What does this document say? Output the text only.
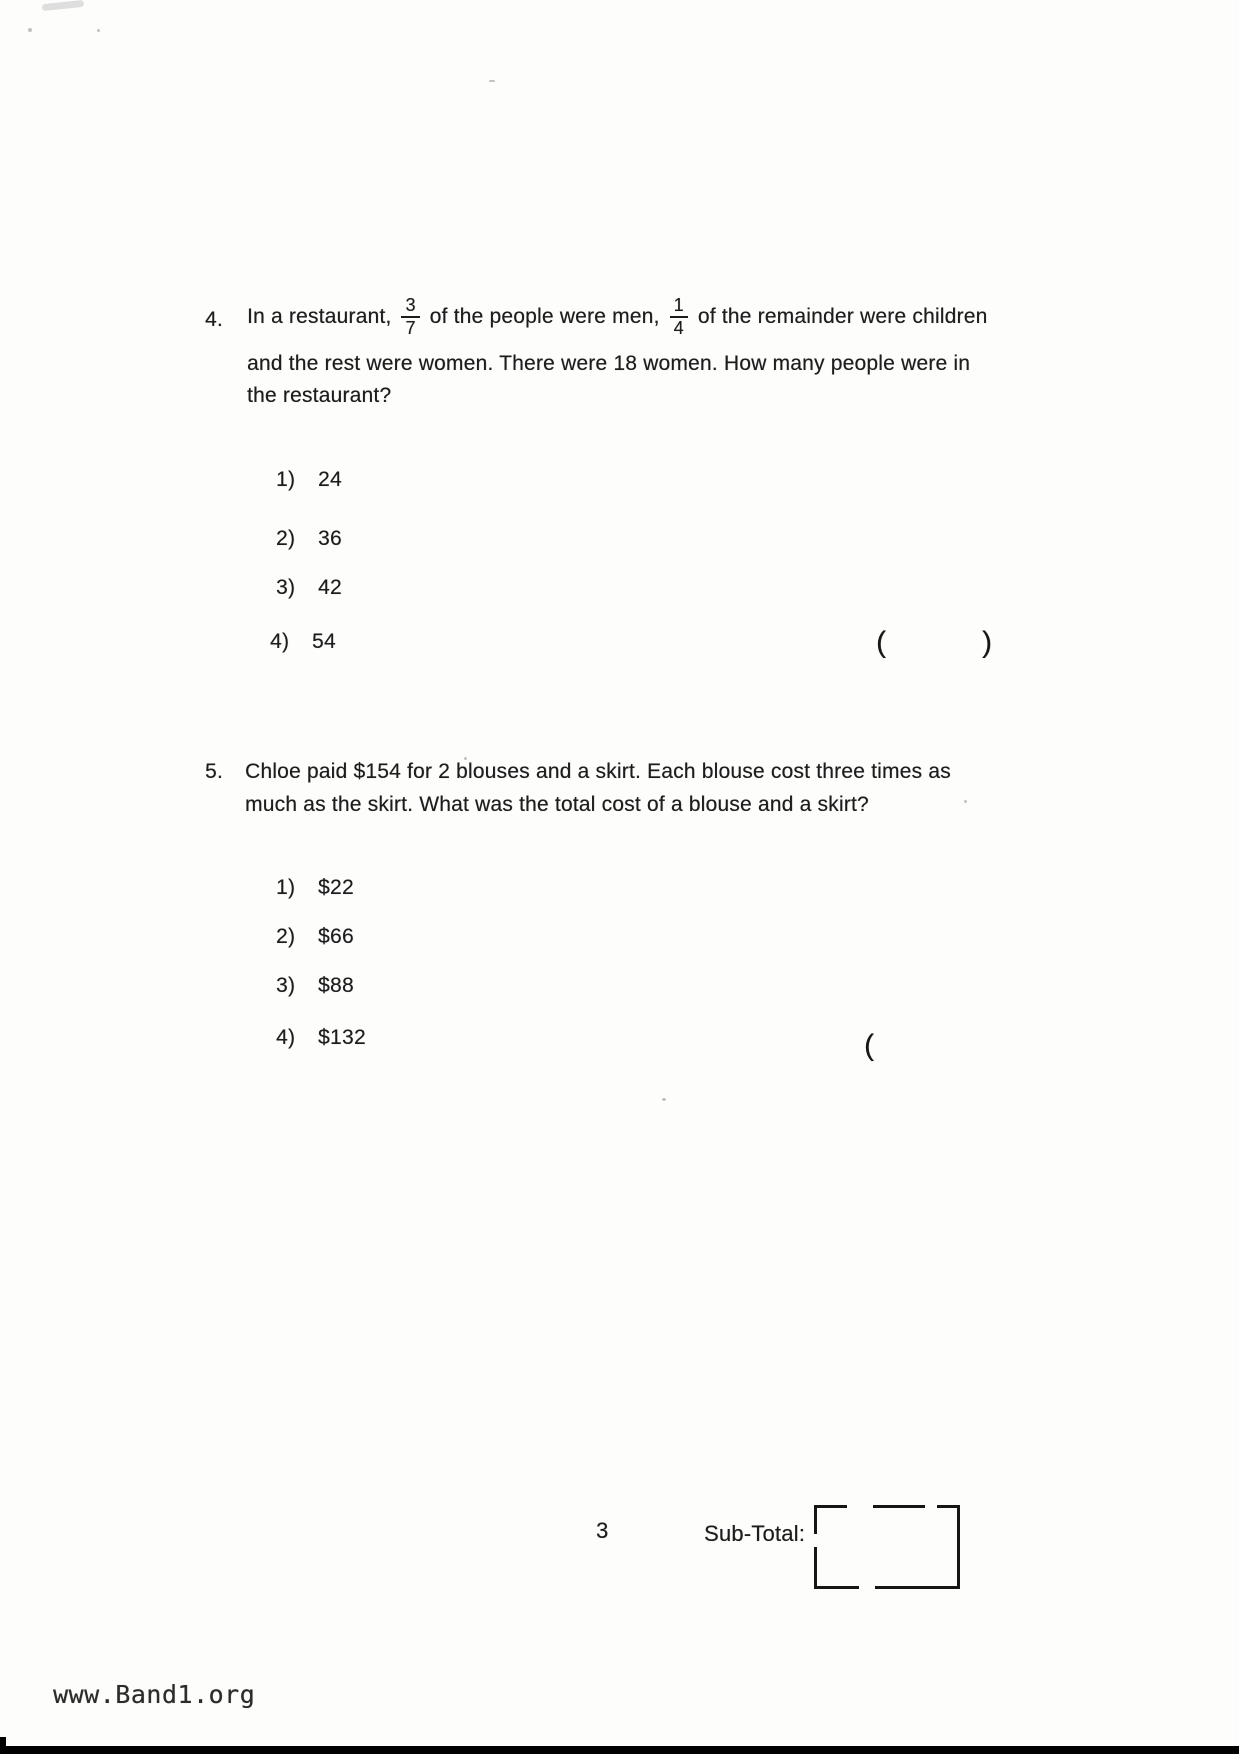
4. In a restaurant, $\frac{3}{7}$ of the people were men, $\frac{1}{4}$ of the remainder were children
and the rest were women. There were 18 women. How many people were in
the restaurant?
1)	24
2)	36
3)	42
4)	54	(	)
5. Chloe paid $154 for 2 blouses and a skirt. Each blouse cost three times as
much as the skirt. What was the total cost of a blouse and a skirt?
1)	$22
2)	$66
3)	$88
4)	$132	(
3	Sub-Total:
www.Band1.org
